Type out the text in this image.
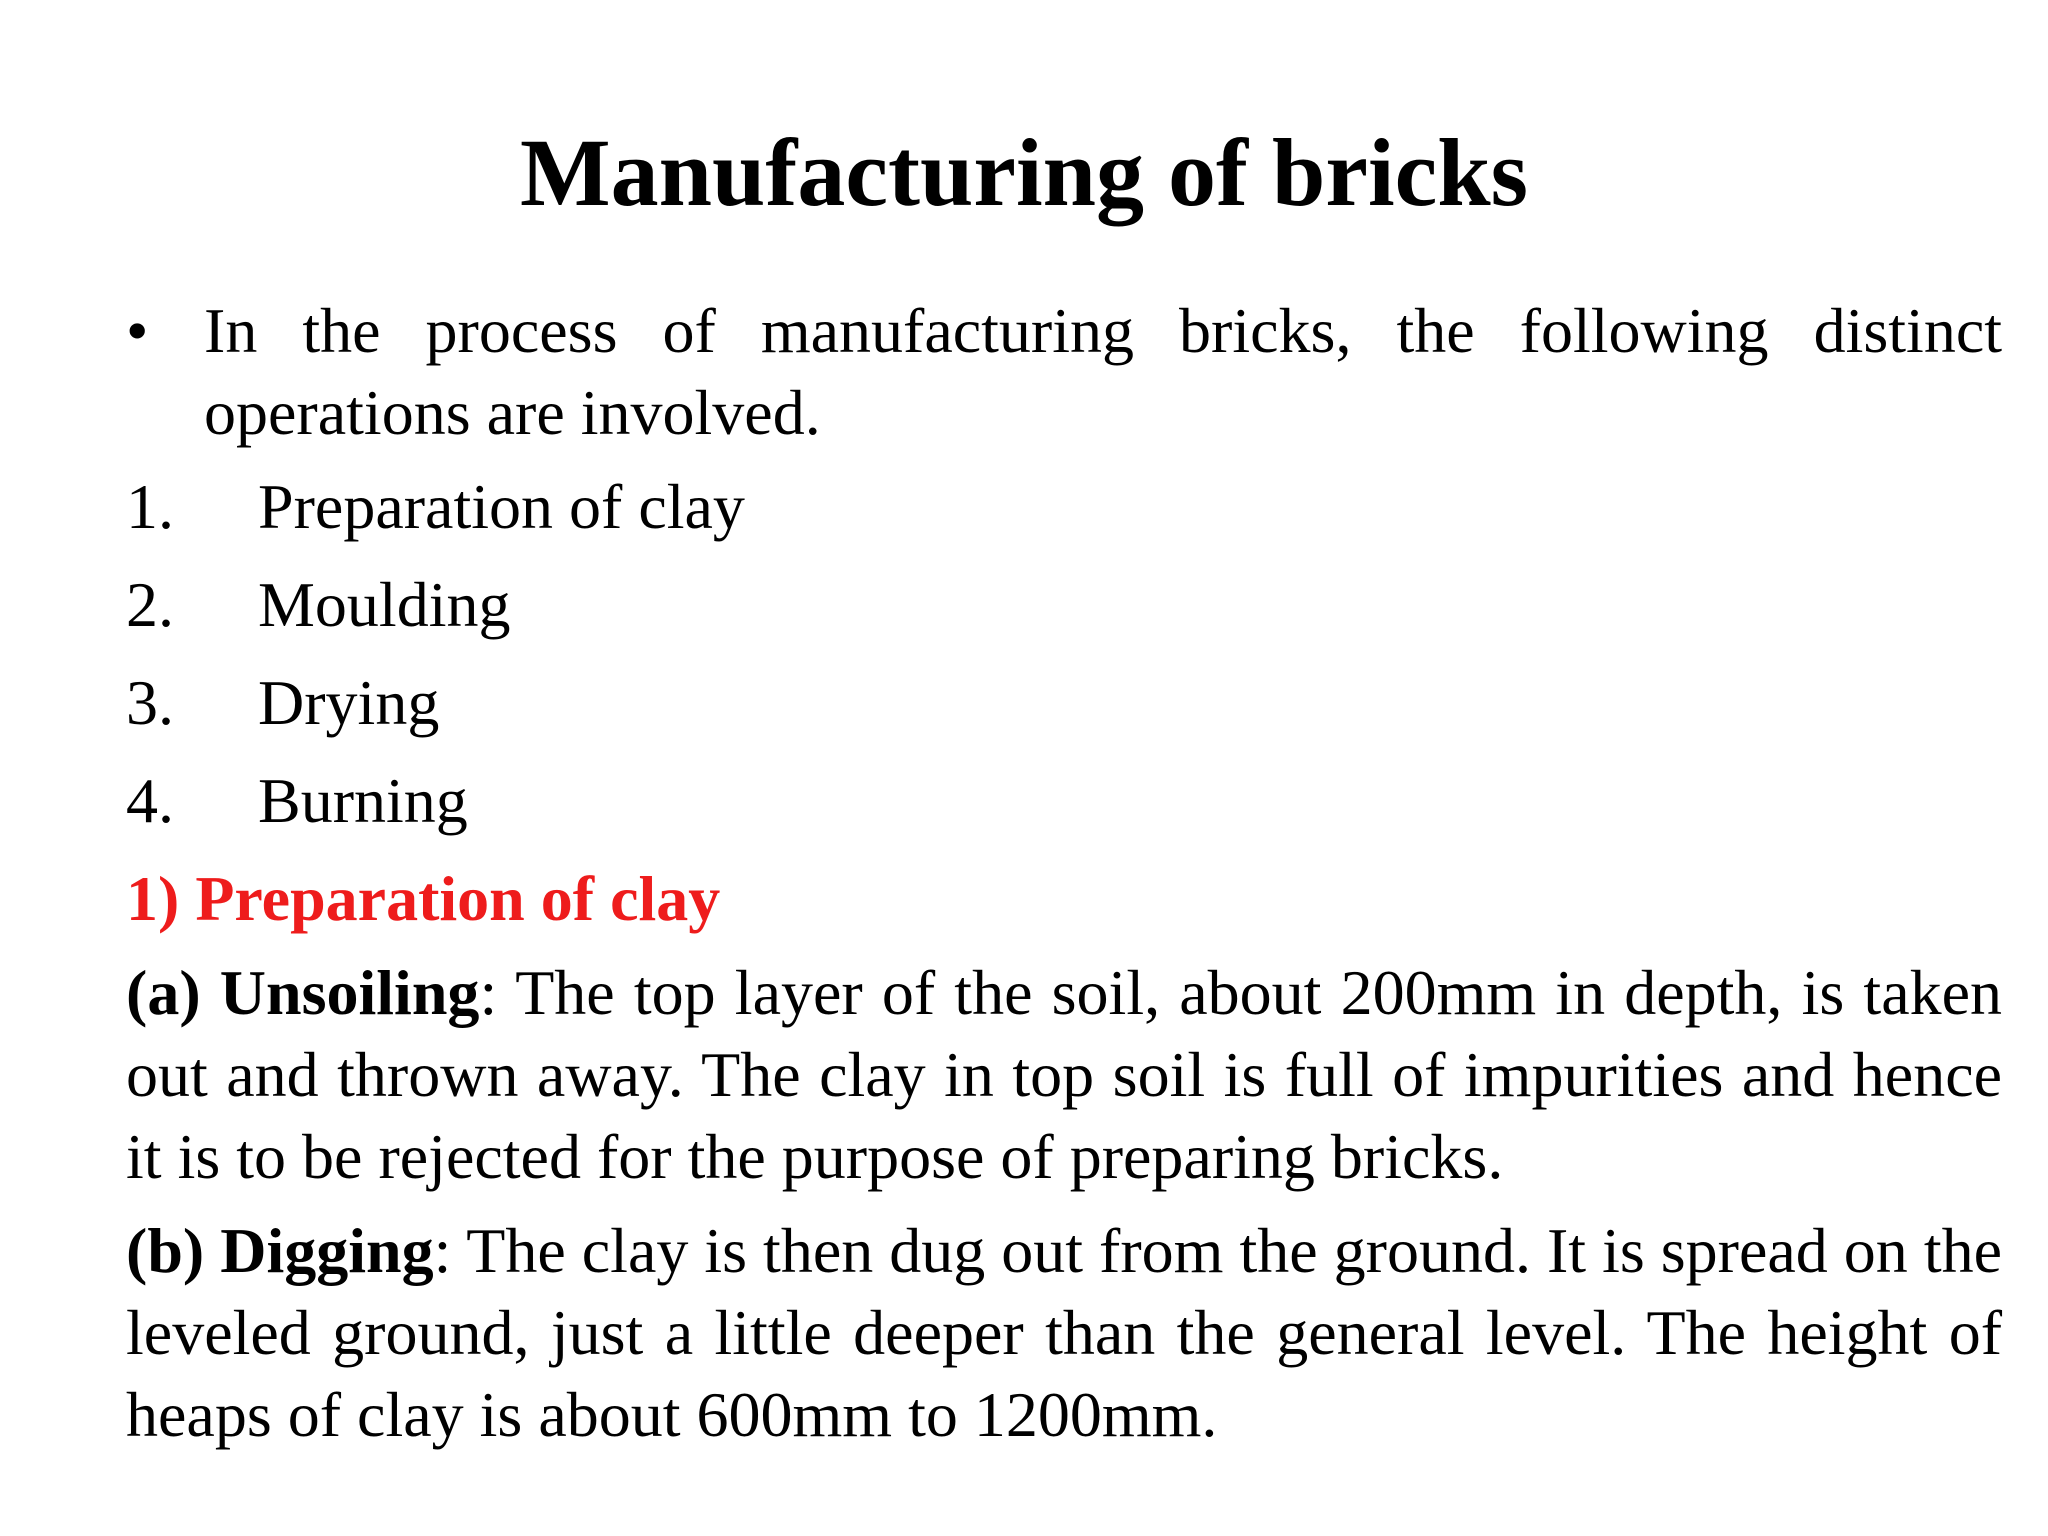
Manufacturing of bricks

• In the process of manufacturing bricks, the following distinct operations are involved.

1. Preparation of clay
2. Moulding
3. Drying
4. Burning

1) Preparation of clay

(a) Unsoiling: The top layer of the soil, about 200mm in depth, is taken out and thrown away. The clay in top soil is full of impurities and hence it is to be rejected for the purpose of preparing bricks.

(b) Digging: The clay is then dug out from the ground. It is spread on the leveled ground, just a little deeper than the general level. The height of heaps of clay is about 600mm to 1200mm.
